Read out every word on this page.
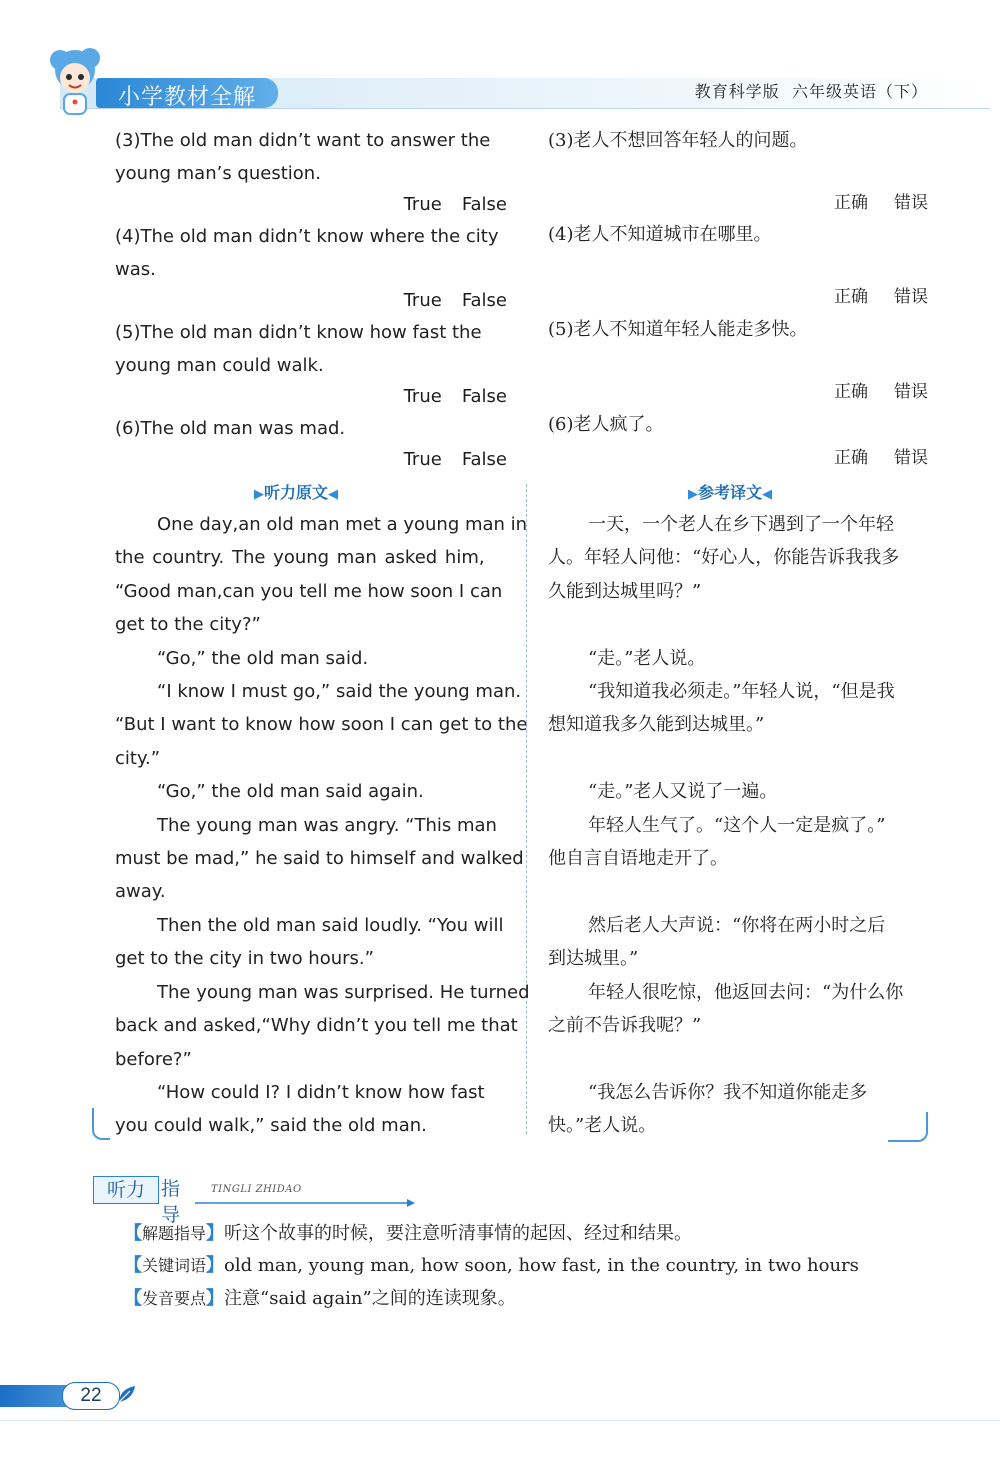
小学教材全解	教育科学版 六年级英语（下）
(3)The old man didn’t want to answer the
young man’s question.
True False
(4)The old man didn’t know where the city
was.
True False
(5)The old man didn’t know how fast the
young man could walk.
True False
(6)The old man was mad.
True False
(3)老人不想回答年轻人的问题。
正确 错误
(4)老人不知道城市在哪里。
正确 错误
(5)老人不知道年轻人能走多快。
正确 错误
(6)老人疯了。
正确 错误
▶听力原文◀	▶参考译文◀
One day,an old man met a young man in
the country. The young man asked him,
“Good man,can you tell me how soon I can
get to the city?”
“Go,” the old man said.
“I know I must go,” said the young man.
“But I want to know how soon I can get to the
city.”
“Go,” the old man said again.
The young man was angry. “This man
must be mad,” he said to himself and walked
away.
Then the old man said loudly. “You will
get to the city in two hours.”
The young man was surprised. He turned
back and asked,“Why didn’t you tell me that
before?”
“How could I? I didn’t know how fast
you could walk,” said the old man.
一天，一个老人在乡下遇到了一个年轻
人。年轻人问他：“好心人，你能告诉我我多
久能到达城里吗？”
“走。”老人说。
“我知道我必须走。”年轻人说，“但是我
想知道我多久能到达城里。”
“走。”老人又说了一遍。
年轻人生气了。“这个人一定是疯了。”
他自言自语地走开了。
然后老人大声说：“你将在两小时之后
到达城里。”
年轻人很吃惊，他返回去问：“为什么你
之前不告诉我呢？”
“我怎么告诉你？我不知道你能走多
快。”老人说。
听力 指导
TINGLI ZHIDAO
【解题指导】听这个故事的时候，要注意听清事情的起因、经过和结果。
【关键词语】old man, young man, how soon, how fast, in the country, in two hours
【发音要点】注意“said again”之间的连读现象。
22
